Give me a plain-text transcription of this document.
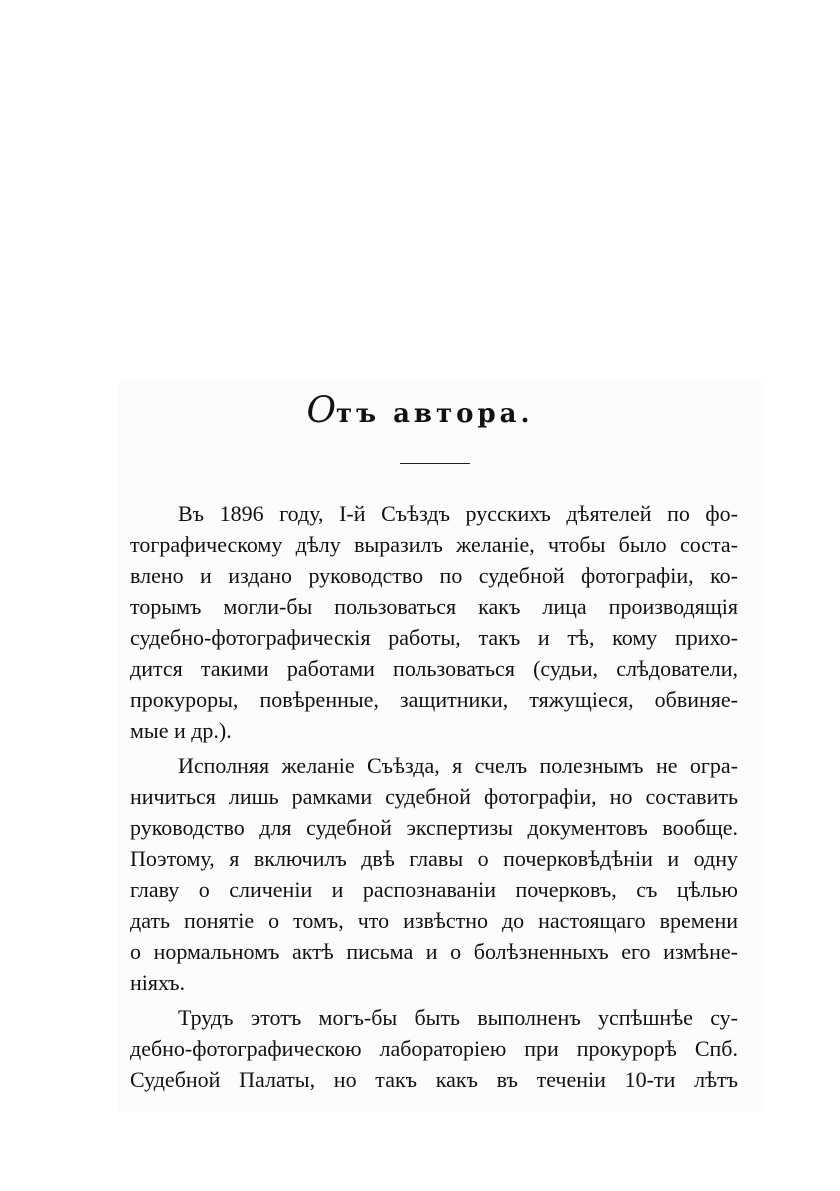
Отъ автора.
Въ 1896 году, І-й Съѣздъ русскихъ дѣятелей по фо-
тографическому дѣлу выразилъ желаніе, чтобы было соста-
влено и издано руководство по судебной фотографіи, ко-
торымъ могли-бы пользоваться какъ лица производящія
судебно-фотографическія работы, такъ и тѣ, кому прихо-
дится такими работами пользоваться (судьи, слѣдователи,
прокуроры, повѣренные, защитники, тяжущіеся, обвиняе-
мые и др.).
Исполняя желаніе Съѣзда, я счелъ полезнымъ не огра-
ничиться лишь рамками судебной фотографіи, но составить
руководство для судебной экспертизы документовъ вообще.
Поэтому, я включилъ двѣ главы о почерковѣдѣніи и одну
главу о сличеніи и распознаваніи почерковъ, съ цѣлью
дать понятіе о томъ, что извѣстно до настоящаго времени
о нормальномъ актѣ письма и о болѣзненныхъ его измѣне-
ніяхъ.
Трудъ этотъ могъ-бы быть выполненъ успѣшнѣе су-
дебно-фотографическою лабораторіею при прокурорѣ Спб.
Судебной Палаты, но такъ какъ въ теченіи 10-ти лѣтъ
